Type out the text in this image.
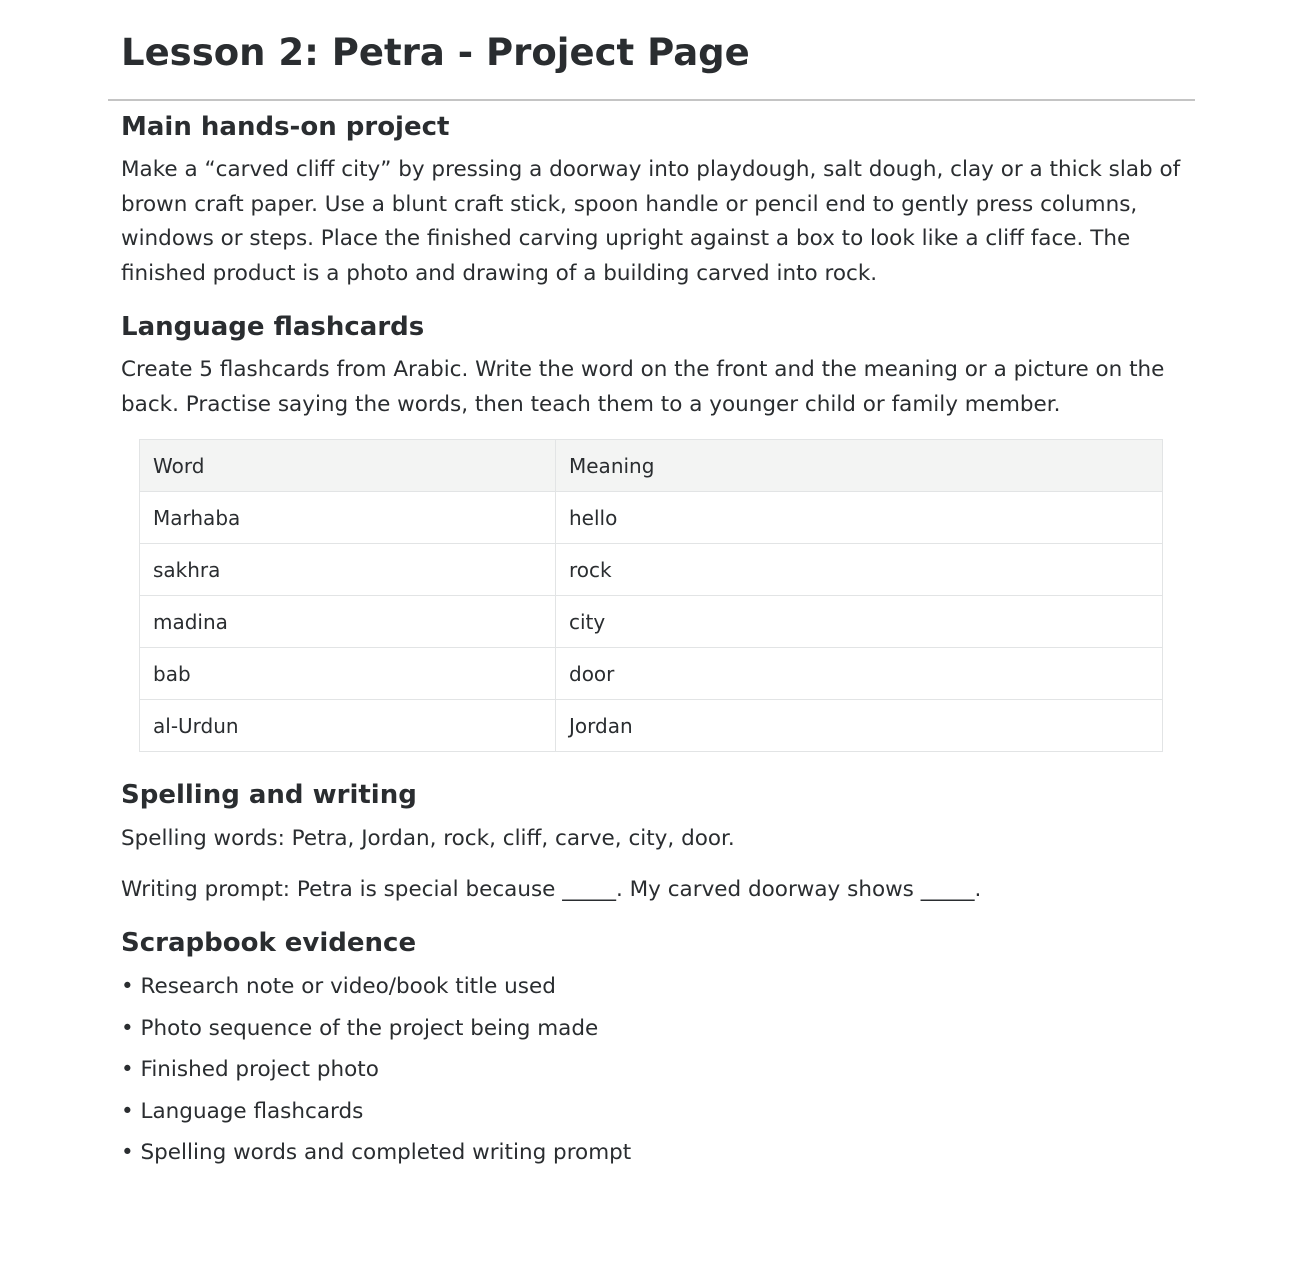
Lesson 2: Petra - Project Page
Main hands-on project

Make a “carved cliff city” by pressing a doorway into playdough, salt dough, clay or a thick slab of brown craft paper. Use a blunt craft stick, spoon handle or pencil end to gently press columns, windows or steps. Place the finished carving upright against a box to look like a cliff face. The finished product is a photo and drawing of a building carved into rock.

Language flashcards

Create 5 flashcards from Arabic. Write the word on the front and the meaning or a picture on the back. Practise saying the words, then teach them to a younger child or family member.

Word	Meaning
Marhaba	hello
sakhra	rock
madina	city
bab	door
al-Urdun	Jordan
Spelling and writing

Spelling words: Petra, Jordan, rock, cliff, carve, city, door.

Writing prompt: Petra is special because _____. My carved doorway shows _____.

Scrapbook evidence
• Research note or video/book title used
• Photo sequence of the project being made
• Finished project photo
• Language flashcards
• Spelling words and completed writing prompt
